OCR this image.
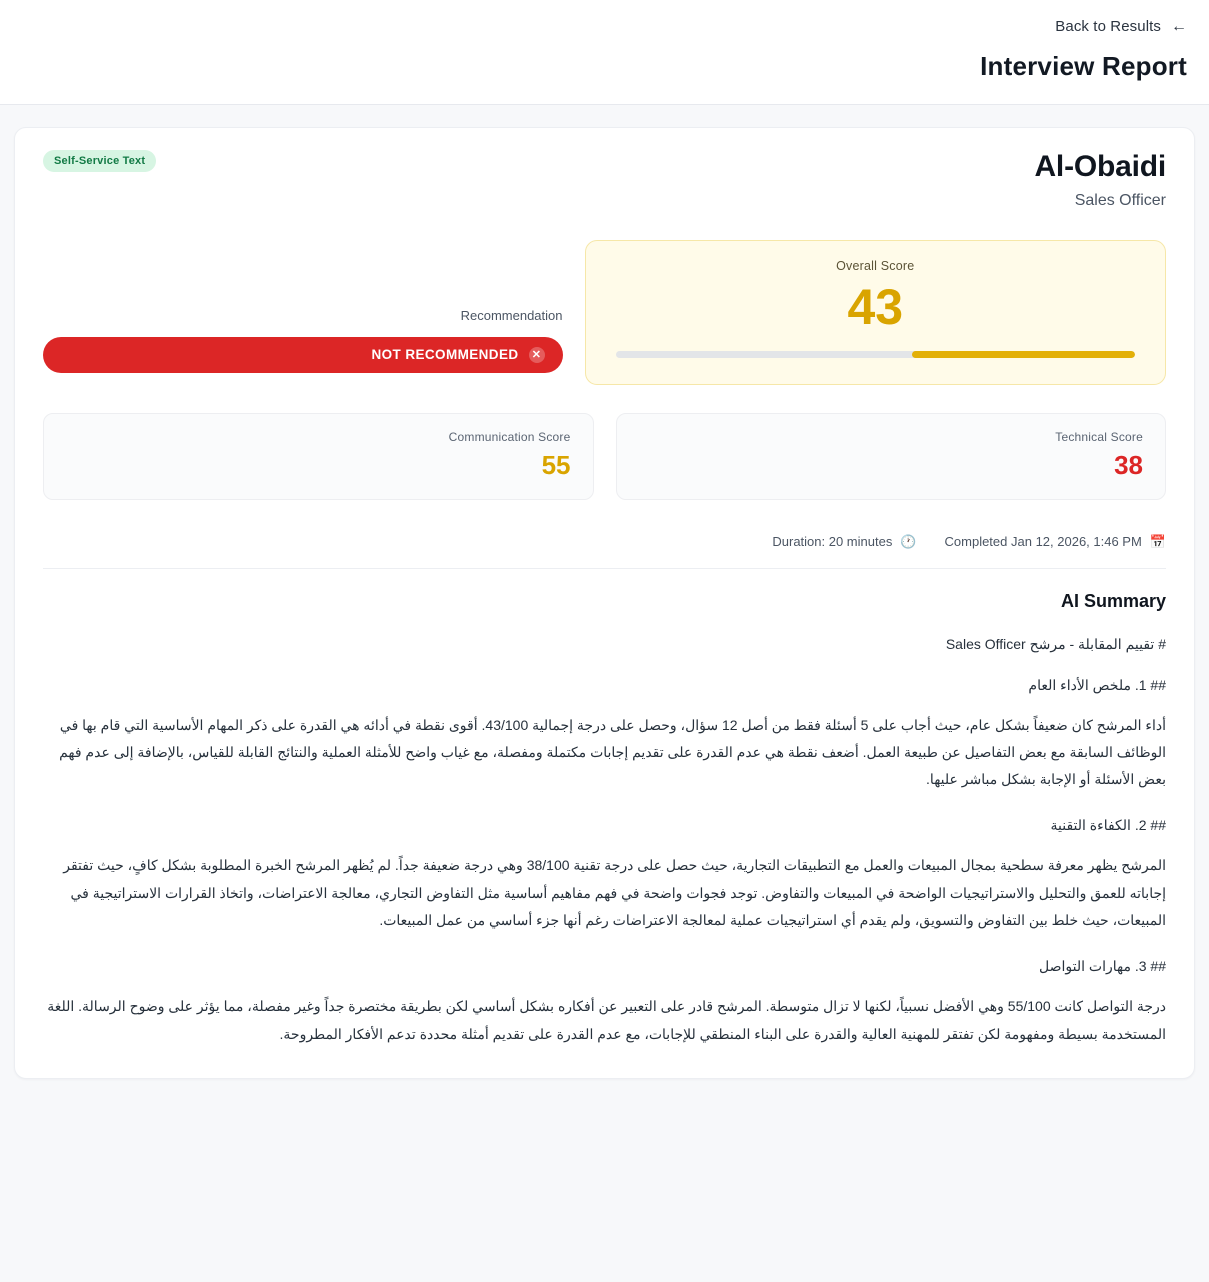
Back to Results ←
Interview Report
Self-Service Text	Al-Obaidi
Sales Officer
Recommendation
NOT RECOMMENDED ✕
Overall Score
43
Communication Score
55
Technical Score
38
Duration: 20 minutes 🕐 Completed Jan 12, 2026, 1:46 PM 📅
AI Summary
# تقييم المقابلة - مرشح Sales Officer
## 1. ملخص الأداء العام
أداء المرشح كان ضعيفاً بشكل عام، حيث أجاب على 5 أسئلة فقط من أصل 12 سؤال، وحصل على درجة إجمالية 43/100. أقوى نقطة في أدائه هي القدرة على ذكر المهام الأساسية التي قام بها في الوظائف السابقة مع بعض التفاصيل عن طبيعة العمل. أضعف نقطة هي عدم القدرة على تقديم إجابات مكتملة ومفصلة، مع غياب واضح للأمثلة العملية والنتائج القابلة للقياس، بالإضافة إلى عدم فهم بعض الأسئلة أو الإجابة بشكل مباشر عليها.
## 2. الكفاءة التقنية
المرشح يظهر معرفة سطحية بمجال المبيعات والعمل مع التطبيقات التجارية، حيث حصل على درجة تقنية 38/100 وهي درجة ضعيفة جداً. لم يُظهر المرشح الخبرة المطلوبة بشكل كافٍ، حيث تفتقر إجاباته للعمق والتحليل والاستراتيجيات الواضحة في المبيعات والتفاوض. توجد فجوات واضحة في فهم مفاهيم أساسية مثل التفاوض التجاري، معالجة الاعتراضات، واتخاذ القرارات الاستراتيجية في المبيعات، حيث خلط بين التفاوض والتسويق، ولم يقدم أي استراتيجيات عملية لمعالجة الاعتراضات رغم أنها جزء أساسي من عمل المبيعات.
## 3. مهارات التواصل
درجة التواصل كانت 55/100 وهي الأفضل نسبياً، لكنها لا تزال متوسطة. المرشح قادر على التعبير عن أفكاره بشكل أساسي لكن بطريقة مختصرة جداً وغير مفصلة، مما يؤثر على وضوح الرسالة. اللغة المستخدمة بسيطة ومفهومة لكن تفتقر للمهنية العالية والقدرة على البناء المنطقي للإجابات، مع عدم القدرة على تقديم أمثلة محددة تدعم الأفكار المطروحة.
